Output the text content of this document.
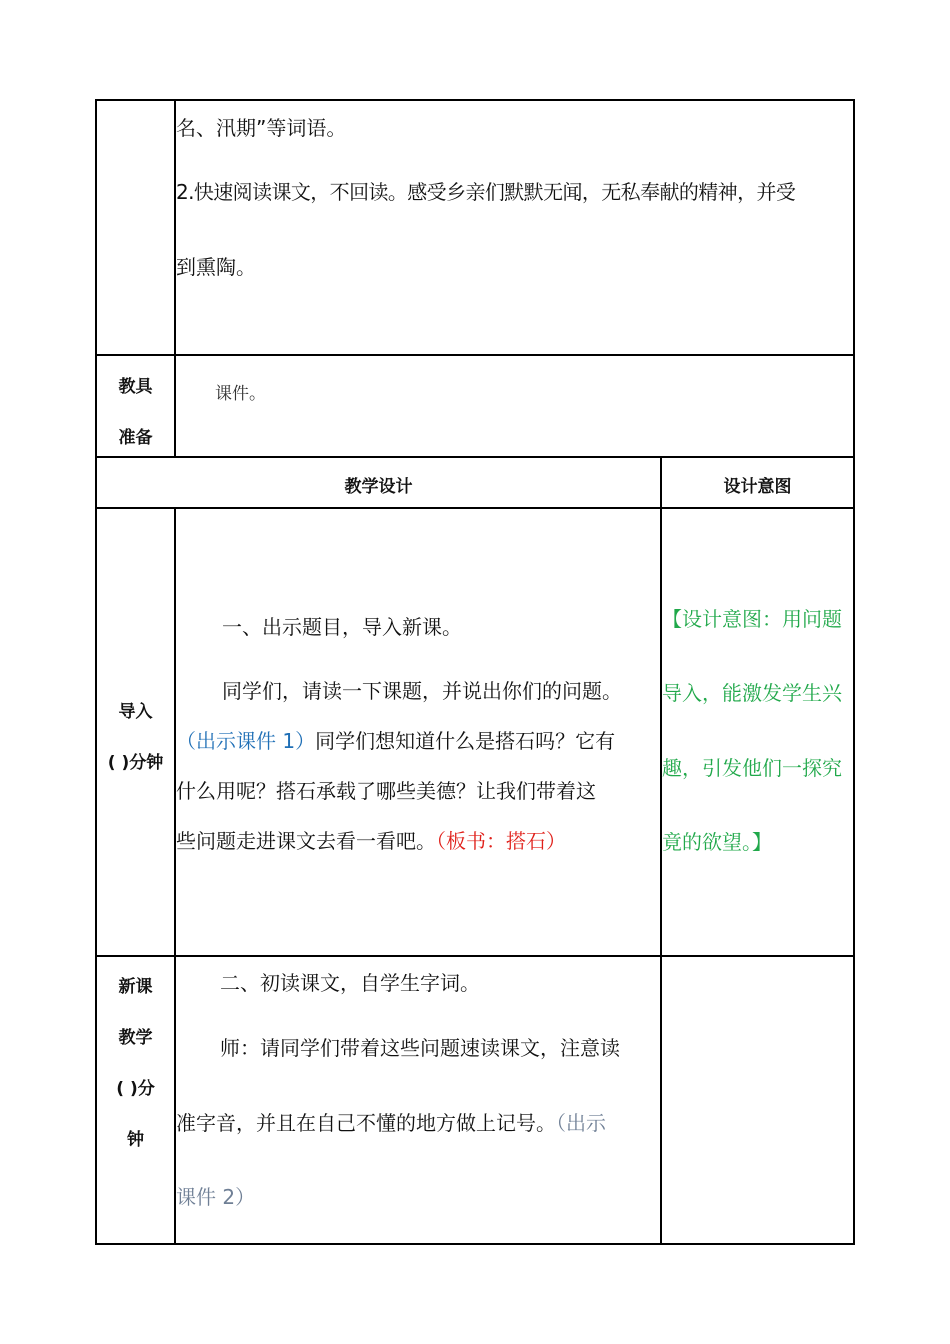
名、汛期”等词语。
2.快速阅读课文，不回读。感受乡亲们默默无闻，无私奉献的精神，并受
到熏陶。
教具
准备
课件。
教学设计	设计意图
导入
( )分钟
一、出示题目，导入新课。
同学们，请读一下课题，并说出你们的问题。
（出示课件 1）同学们想知道什么是搭石吗？它有
什么用呢？搭石承载了哪些美德？让我们带着这
些问题走进课文去看一看吧。（板书：搭石）
【设计意图：用问题
导入，能激发学生兴
趣，引发他们一探究
竟的欲望。】
新课
教学
( )分
钟
二、初读课文，自学生字词。
师：请同学们带着这些问题速读课文，注意读
准字音，并且在自己不懂的地方做上记号。（出示
课件 2）
